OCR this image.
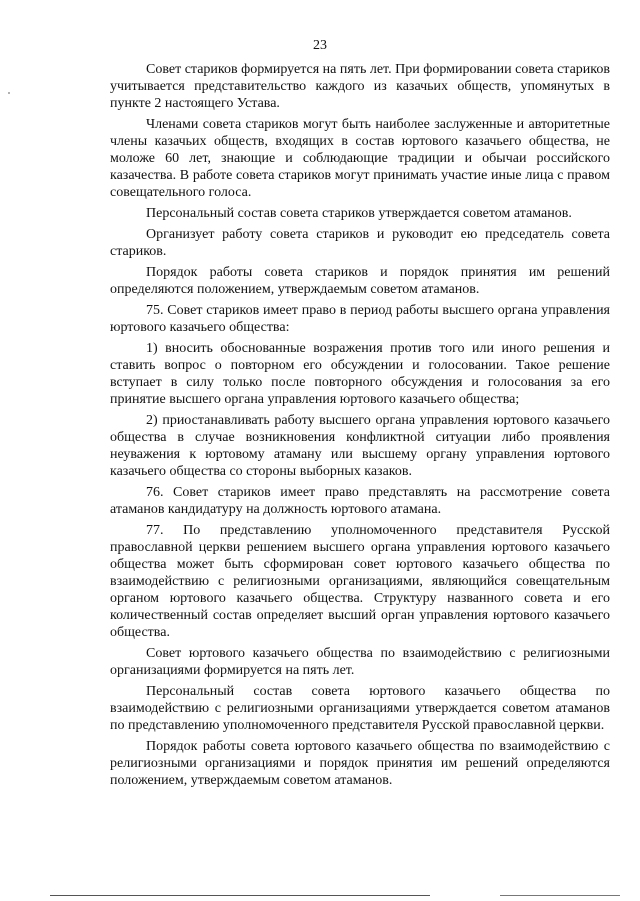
23

Совет стариков формируется на пять лет. При формировании совета стариков учитывается представительство каждого из казачьих обществ, упомянутых в пункте 2 настоящего Устава.

Членами совета стариков могут быть наиболее заслуженные и авторитетные члены казачьих обществ, входящих в состав юртового казачьего общества, не моложе 60 лет, знающие и соблюдающие традиции и обычаи российского казачества. В работе совета стариков могут принимать участие иные лица с правом совещательного голоса.

Персональный состав совета стариков утверждается советом атаманов.

Организует работу совета стариков и руководит ею председатель совета стариков.

Порядок работы совета стариков и порядок принятия им решений определяются положением, утверждаемым советом атаманов.

75. Совет стариков имеет право в период работы высшего органа управления юртового казачьего общества:

1) вносить обоснованные возражения против того или иного решения и ставить вопрос о повторном его обсуждении и голосовании. Такое решение вступает в силу только после повторного обсуждения и голосования за его принятие высшего органа управления юртового казачьего общества;

2) приостанавливать работу высшего органа управления юртового казачьего общества в случае возникновения конфликтной ситуации либо проявления неуважения к юртовому атаману или высшему органу управления юртового казачьего общества со стороны выборных казаков.

76. Совет стариков имеет право представлять на рассмотрение совета атаманов кандидатуру на должность юртового атамана.

77. По представлению уполномоченного представителя Русской православной церкви решением высшего органа управления юртового казачьего общества может быть сформирован совет юртового казачьего общества по взаимодействию с религиозными организациями, являющийся совещательным органом юртового казачьего общества. Структуру названного совета и его количественный состав определяет высший орган управления юртового казачьего общества.

Совет юртового казачьего общества по взаимодействию с религиозными организациями формируется на пять лет.

Персональный состав совета юртового казачьего общества по взаимодействию с религиозными организациями утверждается советом атаманов по представлению уполномоченного представителя Русской православной церкви.

Порядок работы совета юртового казачьего общества по взаимодействию с религиозными организациями и порядок принятия им решений определяются положением, утверждаемым советом атаманов.
